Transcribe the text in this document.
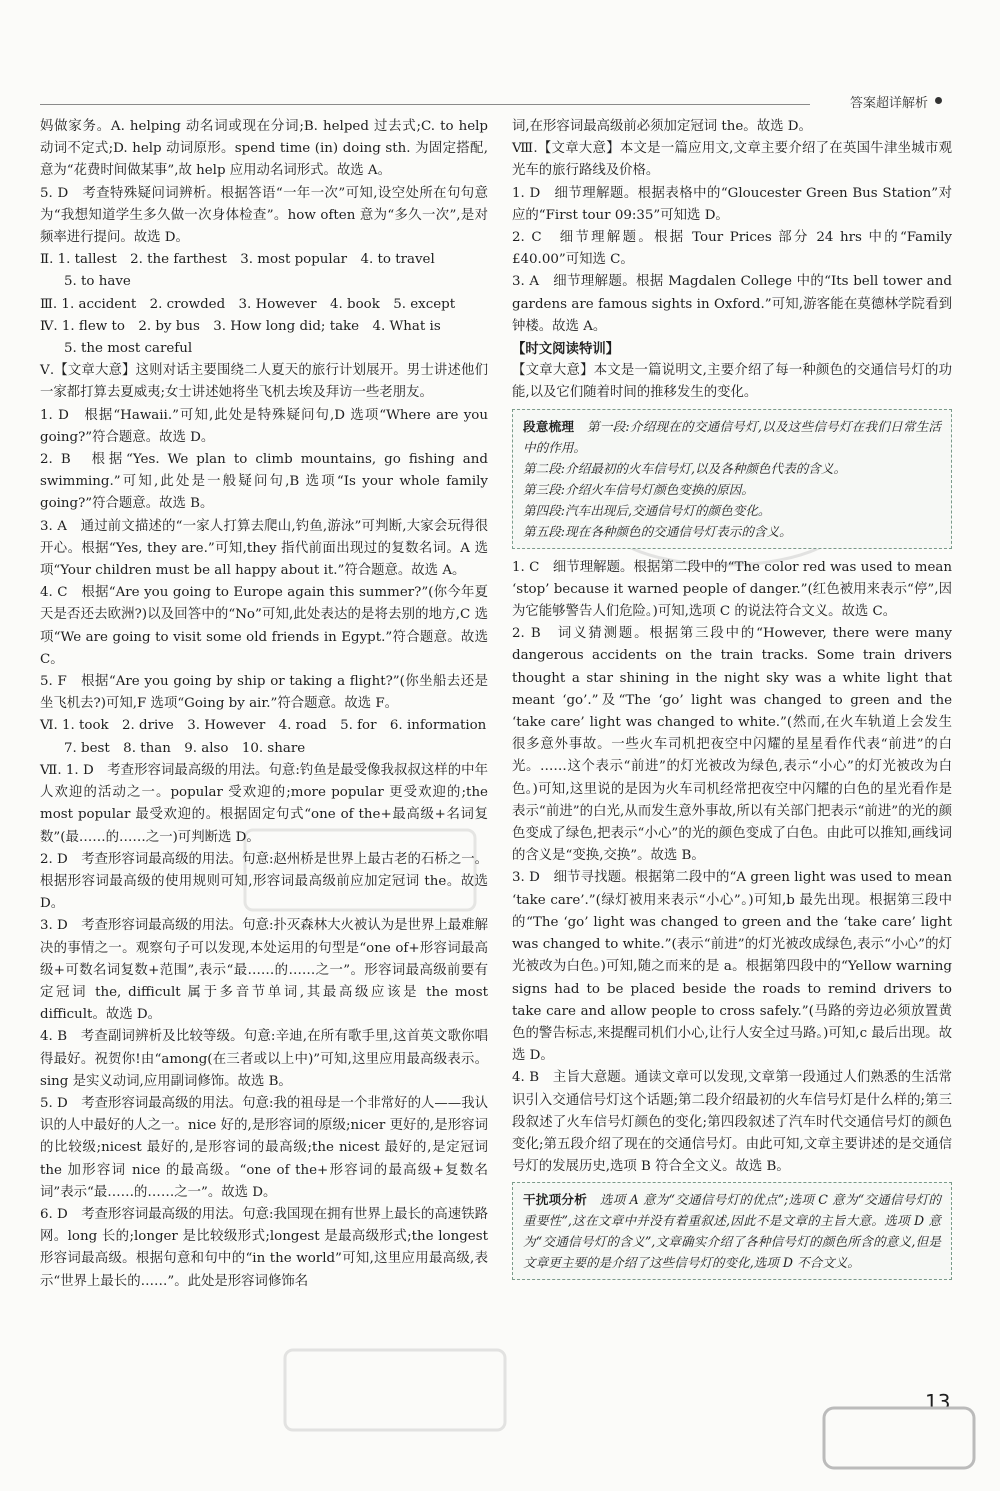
答案超详解析

妈做家务。A. helping 动名词或现在分词;B. helped 过去式;C. to help 动词不定式;D. help 动词原形。spend time (in) doing sth. 为固定搭配,意为“花费时间做某事”,故 help 应用动名词形式。故选 A。

5. D　考查特殊疑问词辨析。根据答语“一年一次”可知,设空处所在句句意为“我想知道学生多久做一次身体检查”。how often 意为“多久一次”,是对频率进行提问。故选 D。

Ⅱ. 1. tallest　2. the farthest　3. most popular　4. to travel

5. to have

Ⅲ. 1. accident　2. crowded　3. However　4. book　5. except

Ⅳ. 1. flew to　2. by bus　3. How long did; take　4. What is

5. the most careful

Ⅴ.【文章大意】这则对话主要围绕二人夏天的旅行计划展开。男士讲述他们一家都打算去夏威夷;女士讲述她将坐飞机去埃及拜访一些老朋友。

1. D　根据“Hawaii.”可知,此处是特殊疑问句,D 选项“Where are you going?”符合题意。故选 D。

2. B　根据“Yes. We plan to climb mountains, go fishing and swimming.”可知,此处是一般疑问句,B 选项“Is your whole family going?”符合题意。故选 B。

3. A　通过前文描述的“一家人打算去爬山,钓鱼,游泳”可判断,大家会玩得很开心。根据“Yes, they are.”可知,they 指代前面出现过的复数名词。A 选项“Your children must be all happy about it.”符合题意。故选 A。

4. C　根据“Are you going to Europe again this summer?”(你今年夏天是否还去欧洲?)以及回答中的“No”可知,此处表达的是将去别的地方,C 选项“We are going to visit some old friends in Egypt.”符合题意。故选 C。

5. F　根据“Are you going by ship or taking a flight?”(你坐船去还是坐飞机去?)可知,F 选项“Going by air.”符合题意。故选 F。

Ⅵ. 1. took　2. drive　3. However　4. road　5. for　6. information

7. best　8. than　9. also　10. share

Ⅶ. 1. D　考查形容词最高级的用法。句意:钓鱼是最受像我叔叔这样的中年人欢迎的活动之一。popular 受欢迎的;more popular 更受欢迎的;the most popular 最受欢迎的。根据固定句式“one of the+最高级+名词复数”(最……的……之一)可判断选 D。

2. D　考查形容词最高级的用法。句意:赵州桥是世界上最古老的石桥之一。根据形容词最高级的使用规则可知,形容词最高级前应加定冠词 the。故选 D。

3. D　考查形容词最高级的用法。句意:扑灭森林大火被认为是世界上最难解决的事情之一。观察句子可以发现,本处运用的句型是“one of+形容词最高级+可数名词复数+范围”,表示“最……的……之一”。形容词最高级前要有定冠词 the, difficult 属于多音节单词,其最高级应该是 the most difficult。故选 D。

4. B　考查副词辨析及比较等级。句意:辛迪,在所有歌手里,这首英文歌你唱得最好。祝贺你!由“among(在三者或以上中)”可知,这里应用最高级表示。sing 是实义动词,应用副词修饰。故选 B。

5. D　考查形容词最高级的用法。句意:我的祖母是一个非常好的人——我认识的人中最好的人之一。nice 好的,是形容词的原级;nicer 更好的,是形容词的比较级;nicest 最好的,是形容词的最高级;the nicest 最好的,是定冠词 the 加形容词 nice 的最高级。“one of the+形容词的最高级+复数名词”表示“最……的……之一”。故选 D。

6. D　考查形容词最高级的用法。句意:我国现在拥有世界上最长的高速铁路网。long 长的;longer 是比较级形式;longest 是最高级形式;the longest 形容词最高级。根据句意和句中的“in the world”可知,这里应用最高级,表示“世界上最长的……”。此处是形容词修饰名

词,在形容词最高级前必须加定冠词 the。故选 D。

Ⅷ.【文章大意】本文是一篇应用文,文章主要介绍了在英国牛津坐城市观光车的旅行路线及价格。

1. D　细节理解题。根据表格中的“Gloucester Green Bus Station”对应的“First tour 09:35”可知选 D。

2. C　细节理解题。根据 Tour Prices 部分 24 hrs 中的“Family £40.00”可知选 C。

3. A　细节理解题。根据 Magdalen College 中的“Its bell tower and gardens are famous sights in Oxford.”可知,游客能在莫德林学院看到钟楼。故选 A。

【时文阅读特训】

【文章大意】本文是一篇说明文,主要介绍了每一种颜色的交通信号灯的功能,以及它们随着时间的推移发生的变化。

段意梳理　 第一段:介绍现在的交通信号灯,以及这些信号灯在我们日常生活中的作用。

第二段:介绍最初的火车信号灯,以及各种颜色代表的含义。

第三段:介绍火车信号灯颜色变换的原因。

第四段:汽车出现后,交通信号灯的颜色变化。

第五段:现在各种颜色的交通信号灯表示的含义。

1. C　细节理解题。根据第二段中的“The color red was used to mean ‘stop’ because it warned people of danger.”(红色被用来表示“停”,因为它能够警告人们危险。)可知,选项 C 的说法符合文义。故选 C。

2. B　词义猜测题。根据第三段中的“However, there were many dangerous accidents on the train tracks. Some train drivers thought a star shining in the night sky was a white light that meant ‘go’.”及“The ‘go’ light was changed to green and the ‘take care’ light was changed to white.”(然而,在火车轨道上会发生很多意外事故。一些火车司机把夜空中闪耀的星星看作代表“前进”的白光。……这个表示“前进”的灯光被改为绿色,表示“小心”的灯光被改为白色。)可知,这里说的是因为火车司机经常把夜空中闪耀的白色的星光看作是表示“前进”的白光,从而发生意外事故,所以有关部门把表示“前进”的光的颜色变成了绿色,把表示“小心”的光的颜色变成了白色。由此可以推知,画线词的含义是“变换,交换”。故选 B。

3. D　细节寻找题。根据第二段中的“A green light was used to mean ‘take care’.”(绿灯被用来表示“小心”。)可知,b 最先出现。根据第三段中的“The ‘go’ light was changed to green and the ‘take care’ light was changed to white.”(表示“前进”的灯光被改成绿色,表示“小心”的灯光被改为白色。)可知,随之而来的是 a。根据第四段中的“Yellow warning signs had to be placed beside the roads to remind drivers to take care and allow people to cross safely.”(马路的旁边必须放置黄色的警告标志,来提醒司机们小心,让行人安全过马路。)可知,c 最后出现。故选 D。

4. B　主旨大意题。通读文章可以发现,文章第一段通过人们熟悉的生活常识引入交通信号灯这个话题;第二段介绍最初的火车信号灯是什么样的;第三段叙述了火车信号灯颜色的变化;第四段叙述了汽车时代交通信号灯的颜色变化;第五段介绍了现在的交通信号灯。由此可知,文章主要讲述的是交通信号灯的发展历史,选项 B 符合全文义。故选 B。

干扰项分析　 选项 A 意为“交通信号灯的优点”;选项 C 意为“交通信号灯的重要性”,这在文章中并没有着重叙述,因此不是文章的主旨大意。选项 D 意为“交通信号灯的含义”,文章确实介绍了各种信号灯的颜色所含的意义,但是文章更主要的是介绍了这些信号灯的变化,选项 D 不合文义。

13
